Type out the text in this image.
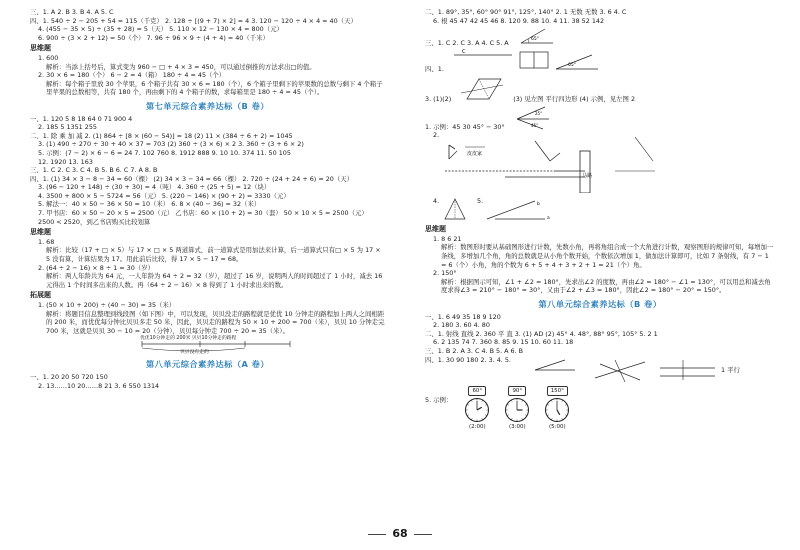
三、1. A 2. B 3. B 4. A 5. C
四、1. 540 ÷ 2 − 205 + 54 = 115（千克） 2. 128 ÷ [(9 + 7) × 2] = 4 3. 120 − 120 ÷ 4 × 4 = 40（天）
4. (455 − 35 × 5) ÷ (35 + 28) = 5（天） 5. 110 × 12 − 130 × 4 = 800（元）
6. 900 ÷ (3 × 2 + 12) = 50（个） 7. 96 ÷ 96 × 9 ÷ (4 + 4) = 40（千米）
思维题
1. 600
解析：当添上括号后，算式变为 960 − □ + 4 × 3 = 450，可以通过倒推的方法求出□的值。
2. 30 × 6 = 180（个） 6 − 2 = 4（箱） 180 ÷ 4 = 45（个）
解析：每个箱子里放 30 个苹果，6 个箱子共有 30 × 6 = 180（个），6 个箱子里剩下的苹果数的总数与剩下 4 个箱子里苹果的总数相等，共有 180 个，再由剩下的 4 个箱子的数，求每箱里是 180 ÷ 4 = 45（个）。
第七单元综合素养达标（B 卷）
一、1. 120 5 8 18 64 0 71 900 4
2. 185 5 1351 255
二、1. 除 乘 加 减 2. (1) 864 ÷ [8 × (60 − 54)] = 18 (2) 11 × (384 ÷ 6 + 2) = 1045
3. (1) 490 ÷ 270 ÷ 30 + 40 × 37 = 703 (2) 360 ÷ (3 × 6) × 2 3. 360 ÷ (3 + 6 × 2)
5. 示例：(7 − 2) × 6 − 6 = 24 7. 102 760 8. 1912 888 9. 10 10. 374 11. 50 105
12. 1920 13. 163
三、1. C 2. C 3. C 4. B 5. B 6. C 7. A 8. B
四、1. (1) 34 × 3 − 8 − 34 = 60（棵） (2) 34 × 3 − 34 = 66（棵） 2. 720 ÷ (24 + 24 + 6) = 20（天）
3. (96 − 120 + 148) ÷ (30 + 30) = 4（吨） 4. 360 ÷ (25 + 5) = 12（块）
4. 3500 + 800 × 5 − 5724 = 56（元） 5. (220 − 146) × (90 + 2) = 3330（元）
5. 解法一：40 × 50 − 36 × 50 = 10（米） 6. 8 × (40 − 36) = 32（米）
7. 甲书店：60 × 50 − 20 × 5 = 2500（元） 乙书店：60 × (10 + 2) = 30（套） 50 × 10 × 5 = 2500（元）
2500 < 2520，到乙书店购买比较划算
思维题
1. 68
解析：比较（17 + □ × 5）与 17 × □ × 5 两道算式，前一道算式是用加法来计算，后一道算式只有□ × 5 为 17 × 5 没有算，计算结果为 17。用此前后比较，得 17 × 5 − 17 = 68。
2. (64 ÷ 2 − 16) × 8 ÷ 1 = 30（岁）
解析：两人年龄共为 64 元，一人年龄为 64 ÷ 2 = 32（岁），超过了 16 岁，说明两人的时间超过了 1 小时，减去 16 元得出 1 个时间多出来的人数。再（64 ÷ 2 − 16）× 8 得到了 1 小时求出来的数。
拓展题
1. (50 × 10 + 200) ÷ (40 − 30) = 35（米）
解析：将题目信息整理到线段图（如下图）中，可以发现，贝贝没走的路程就是优优 10 分钟走的路程加上两人之间相距的 200 米，而优优每分钟比贝贝多走 50 米，因此，贝贝走的路程为 50 × 10 + 200 = 700（米），贝贝 10 分钟走完 700 米，这就是贝贝 30 − 10 = 20（分钟），贝贝每分钟走 700 ÷ 20 = 35（米）。
优优10分钟走的 200米 贝贝10分钟走的路程
贝贝没有走的
第八单元综合素养达标（A 卷）
一、1. 20 20 50 720 150
2. 13……10 20……8 21 3. 6 550 1314
二、1. 89°, 35°, 60° 90° 91°, 125°, 140° 2. 1 无数 无数 3. 6 4. C
6. 根 45 47 42 45 46 8. 120 9. 88 10. 4 11. 38 52 142
三、1. C 2. C 3. A 4. C 5. A	65°
四、1.
C
65°
3. (1)(2)	(3) 见左图 平行四边形 (4) 示例，见左图 2
1. 示例：45 30 45° − 30°
25°
45°
2.
皮皮家
马路
4.	5.	b
a
思维题
1. 8 6 21
解析：数图形时要从基础图形进行计数，先数小角，再将角组合成一个大角进行计数，观察图形的规律可知，每增加一条线，多增加几个角，角的总数就是从小角个数开始，个数依次增加 1，做加法计算即可，比如 7 条射线，有 7 − 1 = 6（个）小角，角的个数为 6 + 5 + 4 + 3 + 2 + 1 = 21（个）角。
2. 150°
解析：根据图示可知，∠1 + ∠2 = 180°，先求出∠2 的度数，再由∠2 = 180° − ∠1 = 130°，可以用总和减去角度求得∠3 = 210° − 180° = 30°，又由于∠2 + ∠3 = 180°，因此∠2 = 180° − 20° = 150°。
第八单元综合素养达标（B 卷）
一、1. 6 49 35 18 9 120
2. 180 3. 60 4. 80
二、1. 射线 直线 2. 360 平 直 3. (1) AD (2) 45° 4. 48°, 88° 95°, 105° 5. 2 1
6. 2 135 74 7. 360 8. 85 9. 15 10. 60 11. 18
三、1. B 2. A 3. C 4. B 5. A 6. B
四、1. 30 90 180 2. 3. 4. 5.
1 平行
5. 示例： $\frac{60^\circ}{(2:00)}$	$\frac{90^\circ}{(3:00)}$	$\frac{150^\circ}{(5:00)}$
68
